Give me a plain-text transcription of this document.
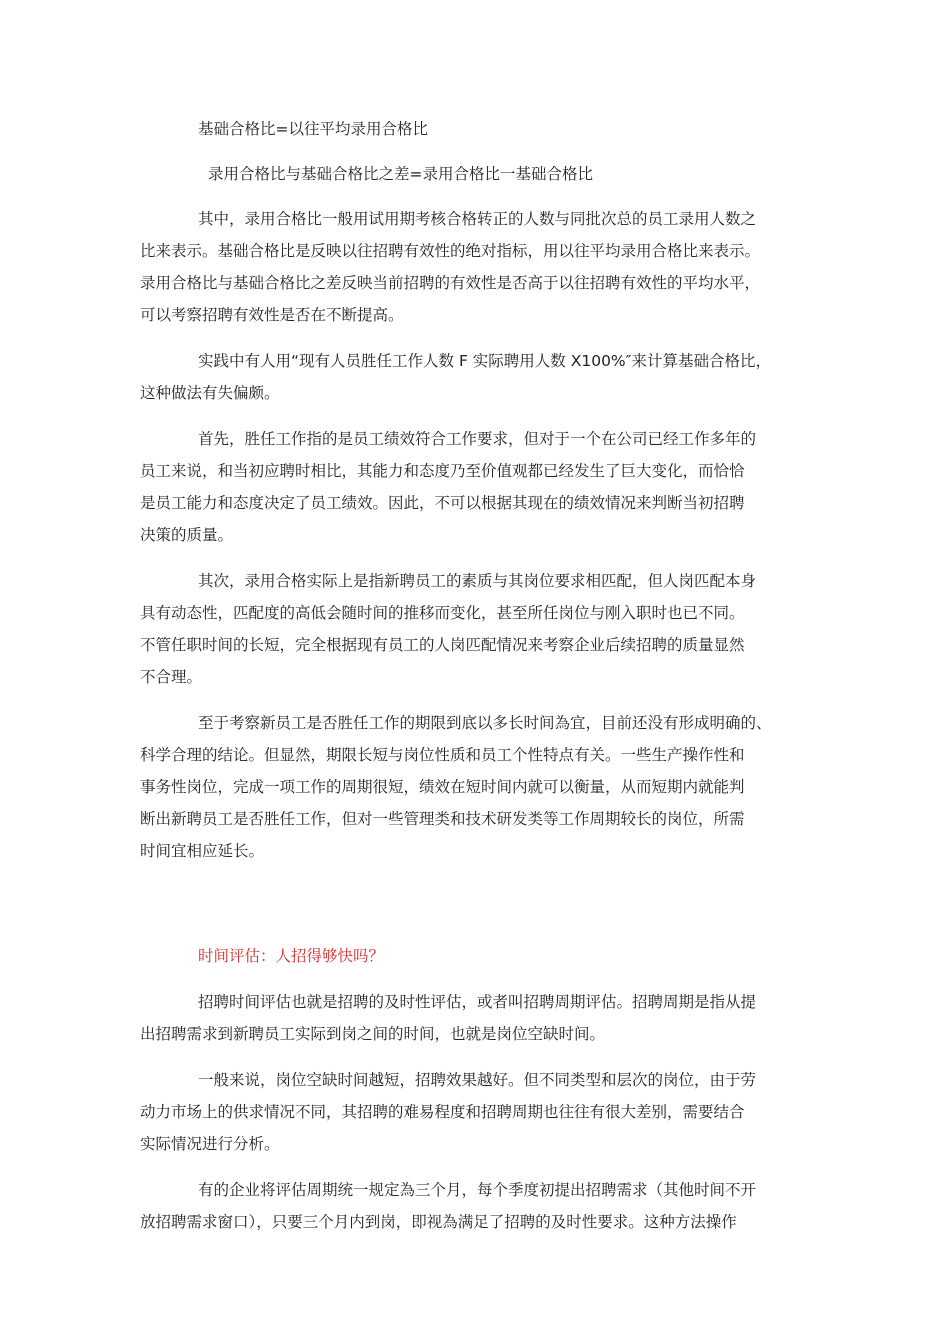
基础合格比=以往平均录用合格比

录用合格比与基础合格比之差=录用合格比一基础合格比

其中，录用合格比一般用试用期考核合格转正的人数与同批次总的员工录用人数之

比来表示。基础合格比是反映以往招聘有效性的绝对指标，用以往平均录用合格比来表示。

录用合格比与基础合格比之差反映当前招聘的有效性是否高于以往招聘有效性的平均水平，

可以考察招聘有效性是否在不断提高。

实践中有人用“现有人员胜任工作人数 F 实际聘用人数 X100%″来计算基础合格比，

这种做法有失偏颇。

首先，胜任工作指的是员工绩效符合工作要求，但对于一个在公司已经工作多年的

员工来说，和当初应聘时相比，其能力和态度乃至价值观都已经发生了巨大变化，而恰恰

是员工能力和态度决定了员工绩效。因此，不可以根据其现在的绩效情况来判断当初招聘

决策的质量。

其次，录用合格实际上是指新聘员工的素质与其岗位要求相匹配，但人岗匹配本身

具有动态性，匹配度的高低会随时间的推移而变化，甚至所任岗位与刚入职时也已不同。

不管任职时间的长短，完全根据现有员工的人岗匹配情况来考察企业后续招聘的质量显然

不合理。

至于考察新员工是否胜任工作的期限到底以多长时间為宜，目前还没有形成明确的、

科学合理的结论。但显然，期限长短与岗位性质和员工个性特点有关。一些生产操作性和

事务性岗位，完成一项工作的周期很短，绩效在短时间内就可以衡量，从而短期内就能判

断出新聘员工是否胜任工作，但对一些管理类和技术研发类等工作周期较长的岗位，所需

时间宜相应延长。

时间评估：人招得够快吗？

招聘时间评估也就是招聘的及时性评估，或者叫招聘周期评估。招聘周期是指从提

出招聘需求到新聘员工实际到岗之间的时间，也就是岗位空缺时间。

一般来说，岗位空缺时间越短，招聘效果越好。但不同类型和层次的岗位，由于劳

动力市场上的供求情况不同，其招聘的难易程度和招聘周期也往往有很大差别，需要结合

实际情况进行分析。

有的企业将评估周期统一规定為三个月，每个季度初提出招聘需求（其他时间不开

放招聘需求窗口），只要三个月内到岗，即视為满足了招聘的及时性要求。这种方法操作
